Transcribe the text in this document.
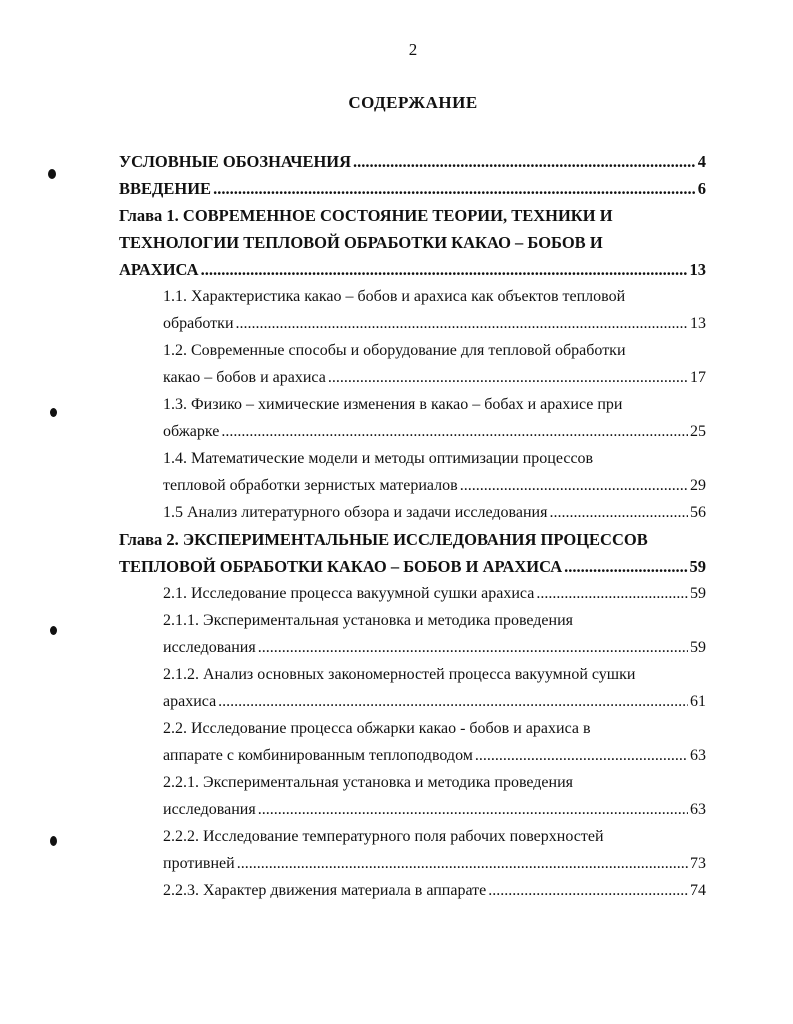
2
СОДЕРЖАНИЕ
УСЛОВНЫЕ ОБОЗНАЧЕНИЯ .....	4
ВВЕДЕНИЕ .....	6
Глава 1. СОВРЕМЕННОЕ СОСТОЯНИЕ ТЕОРИИ, ТЕХНИКИ И
ТЕХНОЛОГИИ ТЕПЛОВОЙ ОБРАБОТКИ КАКАО – БОБОВ И
АРАХИСА .....	13
1.1. Характеристика какао – бобов и арахиса как объектов тепловой
обработки .....	13
1.2. Современные способы и оборудование для тепловой обработки
какао – бобов и арахиса .....	17
1.3. Физико – химические изменения в какао – бобах и арахисе при
обжарке .....	25
1.4. Математические модели и методы оптимизации процессов
тепловой обработки зернистых материалов .....	29
1.5 Анализ литературного обзора и задачи исследования .....	56
Глава 2. ЭКСПЕРИМЕНТАЛЬНЫЕ ИССЛЕДОВАНИЯ ПРОЦЕССОВ
ТЕПЛОВОЙ ОБРАБОТКИ КАКАО – БОБОВ И АРАХИСА .....	59
2.1. Исследование процесса вакуумной сушки арахиса .....	59
2.1.1. Экспериментальная установка и методика проведения
исследования .....	59
2.1.2. Анализ основных закономерностей процесса вакуумной сушки
арахиса .....	61
2.2. Исследование процесса обжарки какао - бобов и арахиса в
аппарате с комбинированным теплоподводом .....	63
2.2.1. Экспериментальная установка и методика проведения
исследования .....	63
2.2.2. Исследование температурного поля рабочих поверхностей
противней .....	73
2.2.3. Характер движения материала в аппарате .....	74
